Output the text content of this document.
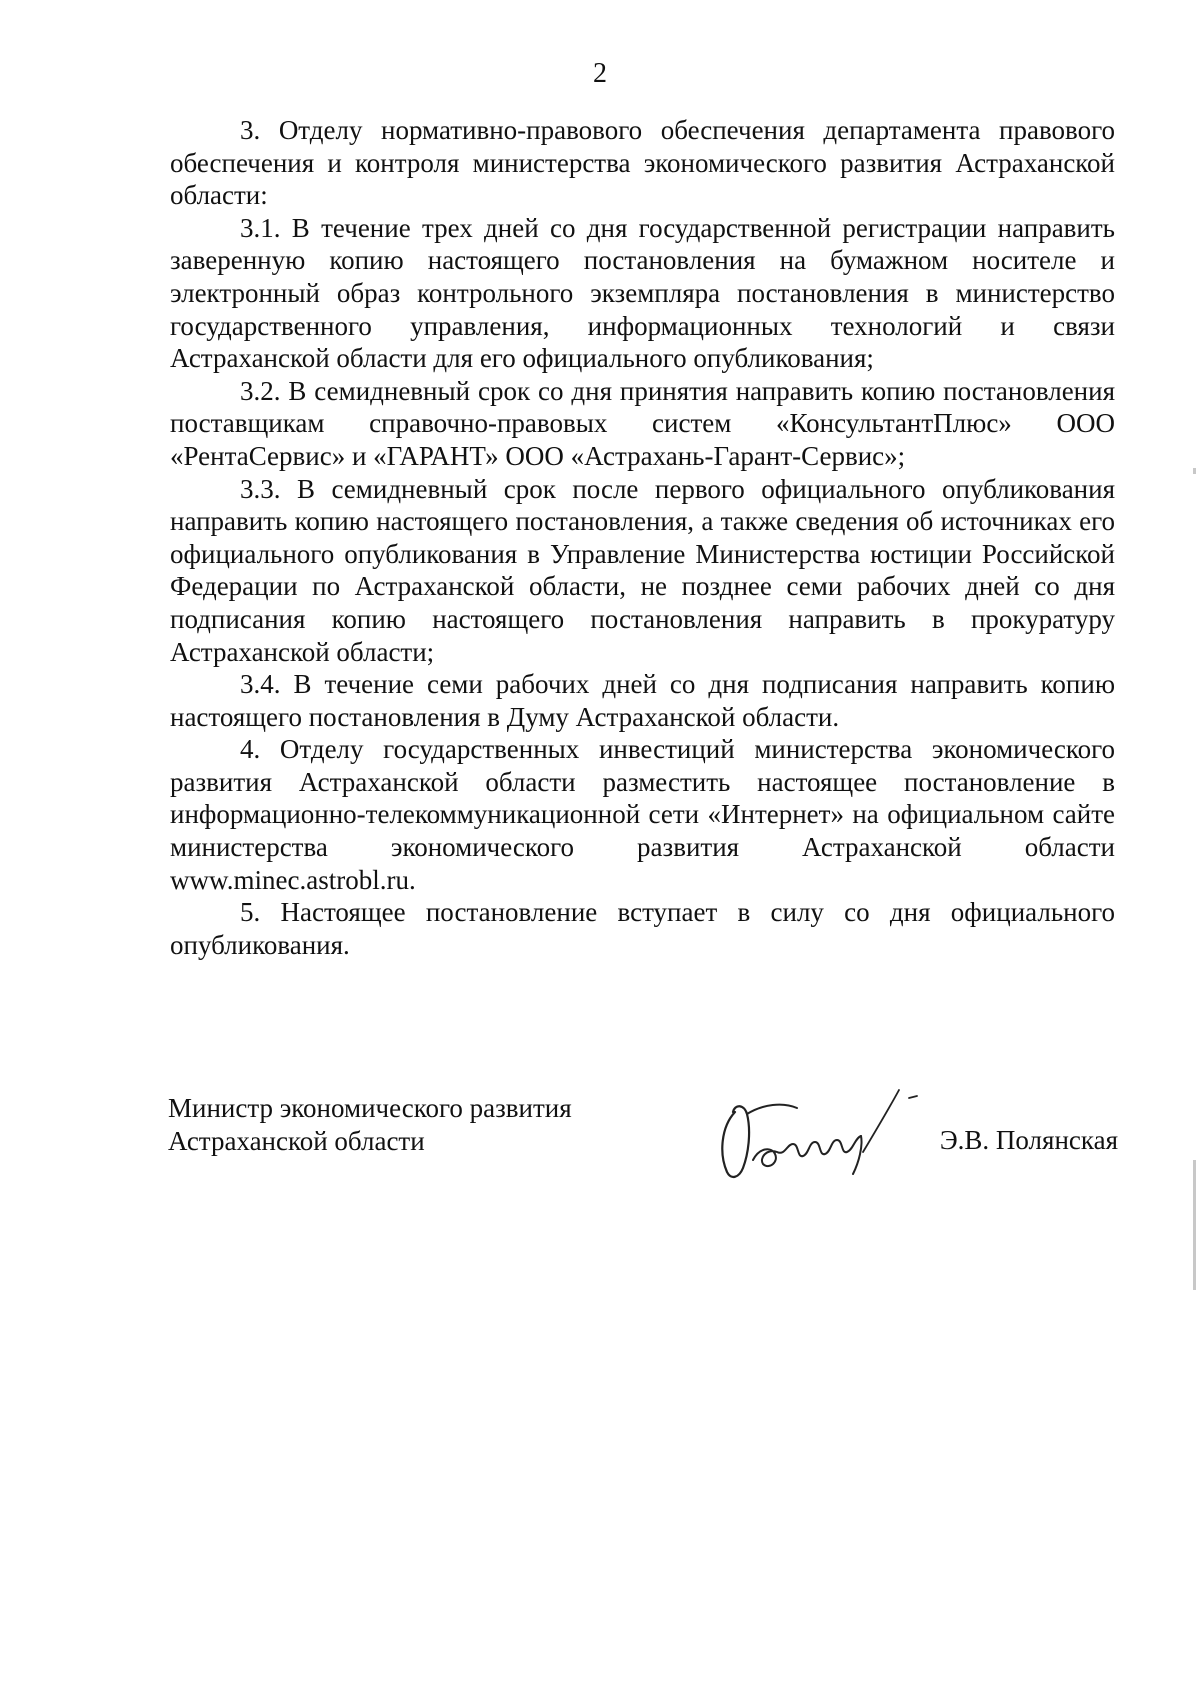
2

3. Отделу нормативно-правового обеспечения департамента правового обеспечения и контроля министерства экономического развития Астраханской области:

3.1. В течение трех дней со дня государственной регистрации направить заверенную копию настоящего постановления на бумажном носителе и электронный образ контрольного экземпляра постановления в министерство государственного управления, информационных технологий и связи Астраханской области для его официального опубликования;

3.2. В семидневный срок со дня принятия направить копию постановления поставщикам справочно-правовых систем «КонсультантПлюс» ООО «РентаСервис» и «ГАРАНТ» ООО «Астрахань-Гарант-Сервис»;

3.3. В семидневный срок после первого официального опубликования направить копию настоящего постановления, а также сведения об источниках его официального опубликования в Управление Министерства юстиции Российской Федерации по Астраханской области, не позднее семи рабочих дней со дня подписания копию настоящего постановления направить в прокуратуру Астраханской области;

3.4. В течение семи рабочих дней со дня подписания направить копию настоящего постановления в Думу Астраханской области.

4. Отделу государственных инвестиций министерства экономического развития Астраханской области разместить настоящее постановление в информационно-телекоммуникационной сети «Интернет» на официальном сайте министерства экономического развития Астраханской области www.minec.astrobl.ru.

5. Настоящее постановление вступает в силу со дня официального опубликования.

Министр экономического развития
Астраханской области	Э.В. Полянская
